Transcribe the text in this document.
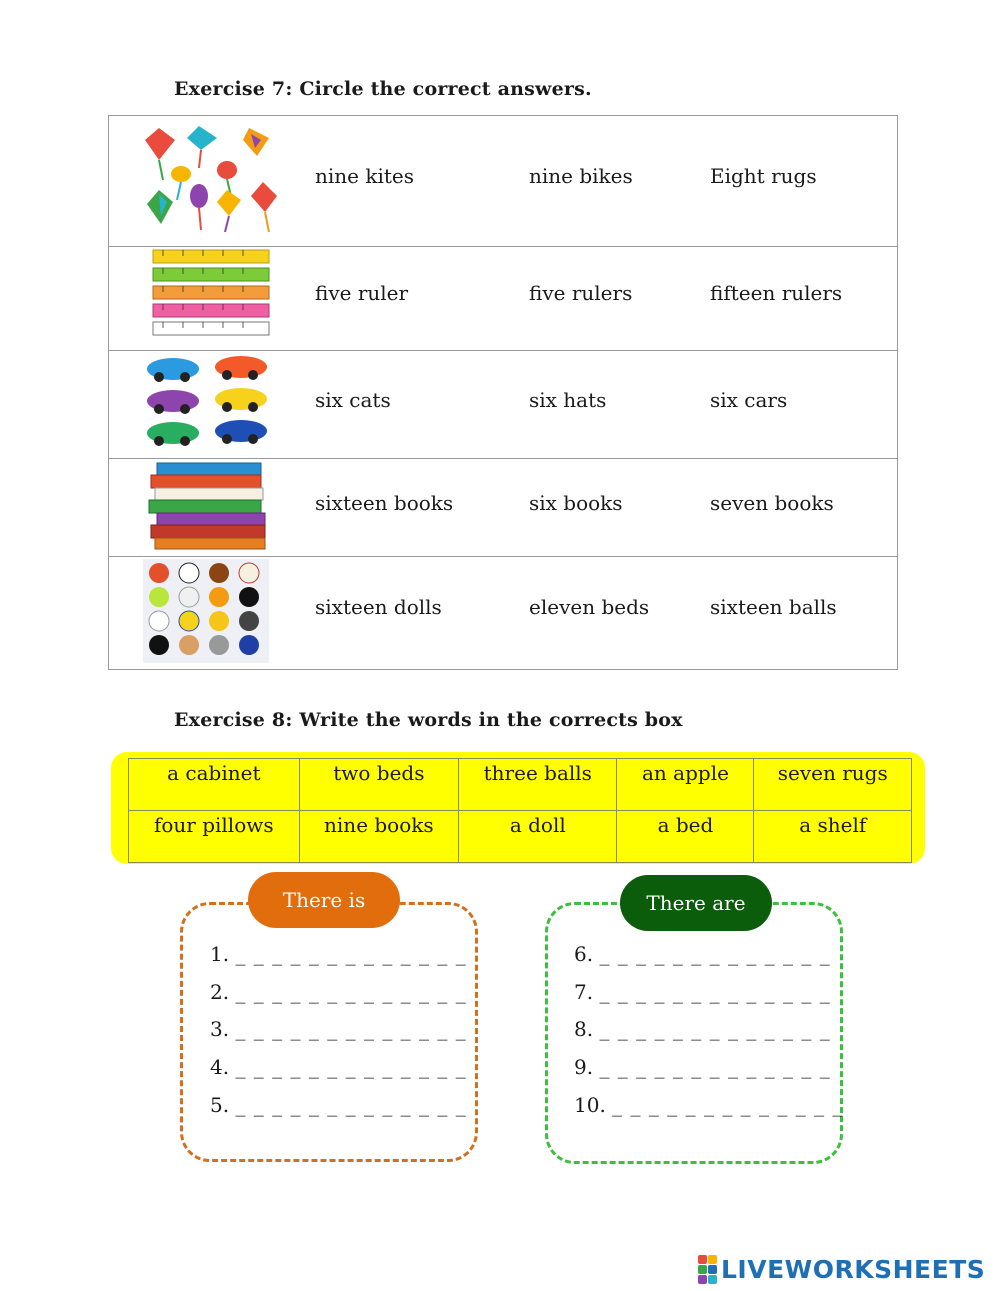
Exercise 7: Circle the correct answers.
nine kites	nine bikes	Eight rugs
five ruler	five rulers	fifteen rulers
six cats	six hats	six cars
sixteen books	six books	seven books
sixteen dolls	eleven beds	sixteen balls
Exercise 8: Write the words in the corrects box
a cabinet	two beds	three balls	an apple	seven rugs
four pillows	nine books	a doll	a bed	a shelf
There is
1. _ _ _ _ _ _ _ _ _ _ _ _ _
2. _ _ _ _ _ _ _ _ _ _ _ _ _
3. _ _ _ _ _ _ _ _ _ _ _ _ _
4. _ _ _ _ _ _ _ _ _ _ _ _ _
5. _ _ _ _ _ _ _ _ _ _ _ _ _
There are
6. _ _ _ _ _ _ _ _ _ _ _ _ _
7. _ _ _ _ _ _ _ _ _ _ _ _ _
8. _ _ _ _ _ _ _ _ _ _ _ _ _
9. _ _ _ _ _ _ _ _ _ _ _ _ _
10. _ _ _ _ _ _ _ _ _ _ _ _ _
LIVEWORKSHEETS
